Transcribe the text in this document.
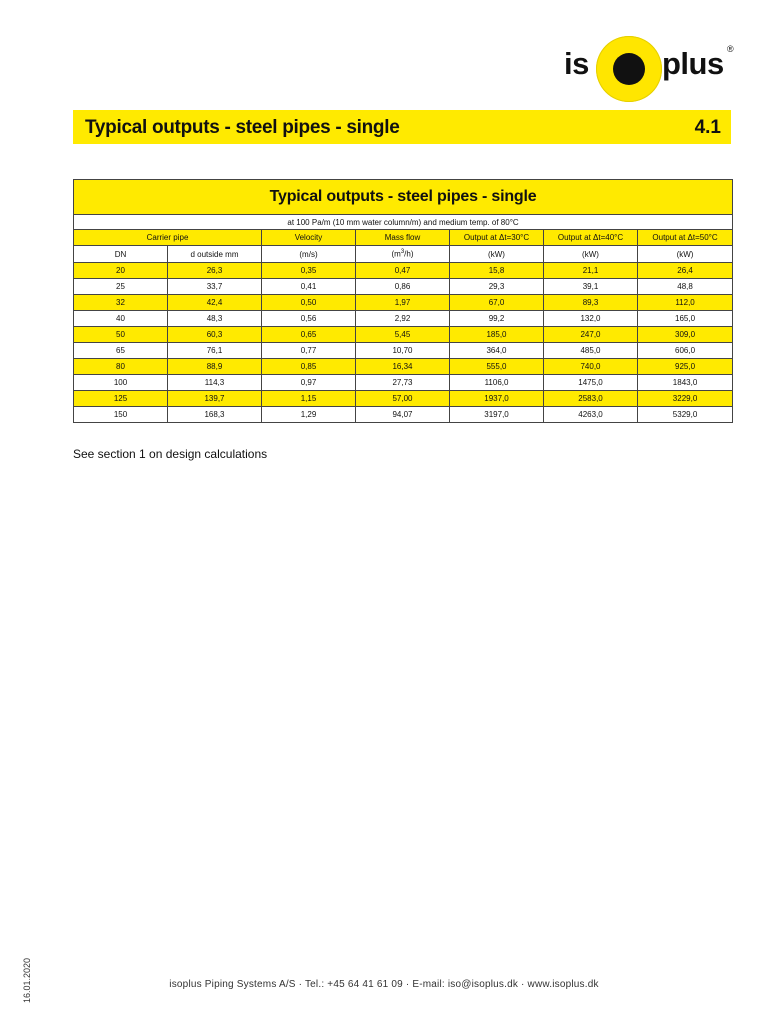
is plus ®
Typical outputs - steel pipes - single	4.1
Typical outputs - steel pipes - single						
at 100 Pa/m (10 mm water column/m) and medium temp. of 80°C						
Carrier pipe		Velocity	Mass flow	Output at Δt=30°C	Output at Δt=40°C	Output at Δt=50°C
DN	d outside mm	(m/s)	$(m^3/h)$	(kW)	(kW)	(kW)
20	26,3	0,35	0,47	15,8	21,1	26,4
25	33,7	0,41	0,86	29,3	39,1	48,8
32	42,4	0,50	1,97	67,0	89,3	112,0
40	48,3	0,56	2,92	99,2	132,0	165,0
50	60,3	0,65	5,45	185,0	247,0	309,0
65	76,1	0,77	10,70	364,0	485,0	606,0
80	88,9	0,85	16,34	555,0	740,0	925,0
100	114,3	0,97	27,73	1106,0	1475,0	1843,0
125	139,7	1,15	57,00	1937,0	2583,0	3229,0
150	168,3	1,29	94,07	3197,0	4263,0	5329,0
See section 1 on design calculations
isoplus Piping Systems A/S · Tel.: +45 64 41 61 09 · E-mail: iso@isoplus.dk · www.isoplus.dk
16.01.2020
